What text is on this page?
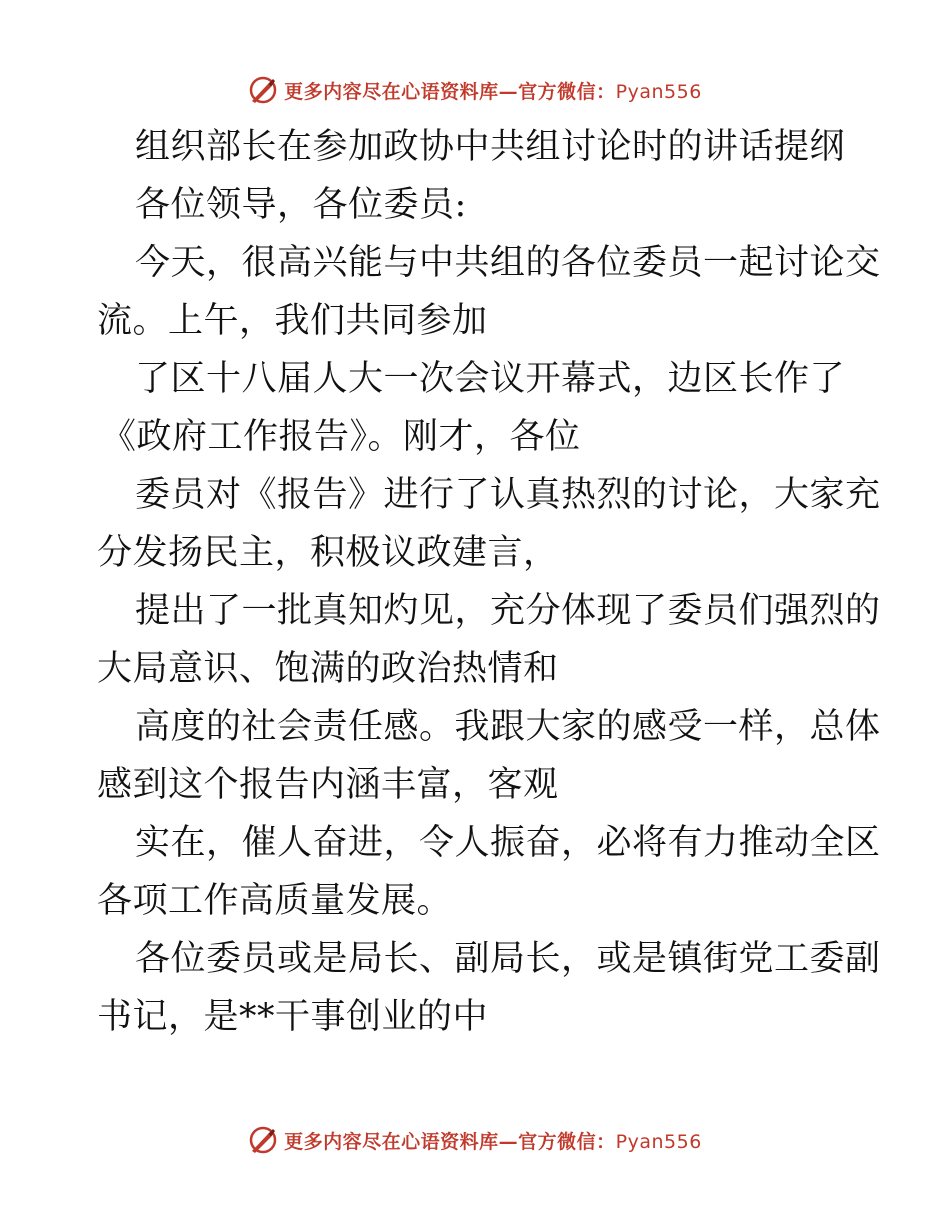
更多内容尽在心语资料库—官方微信：Pyan556
组织部长在参加政协中共组讨论时的讲话提纲
各位领导，各位委员:
今天，很高兴能与中共组的各位委员一起讨论交
流。上午，我们共同参加
了区十八届人大一次会议开幕式，边区长作了
《政府工作报告》。刚才，各位
委员对《报告》进行了认真热烈的讨论，大家充
分发扬民主，积极议政建言，
提出了一批真知灼见，充分体现了委员们强烈的
大局意识、饱满的政治热情和
高度的社会责任感。我跟大家的感受一样，总体
感到这个报告内涵丰富，客观
实在，催人奋进，令人振奋，必将有力推动全区
各项工作高质量发展。
各位委员或是局长、副局长，或是镇街党工委副
书记，是**干事创业的中
更多内容尽在心语资料库—官方微信：Pyan556
